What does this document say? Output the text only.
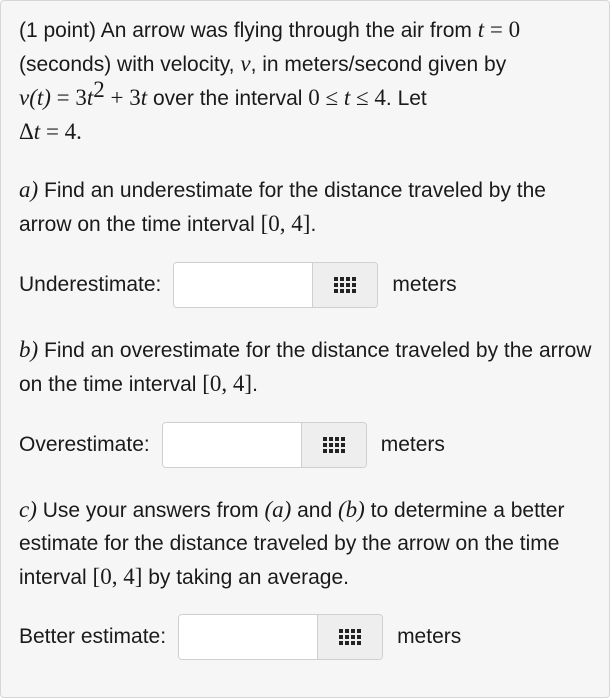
(1 point) An arrow was flying through the air from t = 0
(seconds) with velocity, v, in meters/second given by
$v(t) = 3t^2 + 3t$ over the interval 0 ≤ t ≤ 4. Let
Δt = 4.
a) Find an underestimate for the distance traveled by the arrow on the time interval [0, 4].
Underestimate:	meters
b) Find an overestimate for the distance traveled by the arrow on the time interval [0, 4].
Overestimate:	meters
c) Use your answers from (a) and (b) to determine a better estimate for the distance traveled by the arrow on the time interval [0, 4] by taking an average.
Better estimate:	meters
